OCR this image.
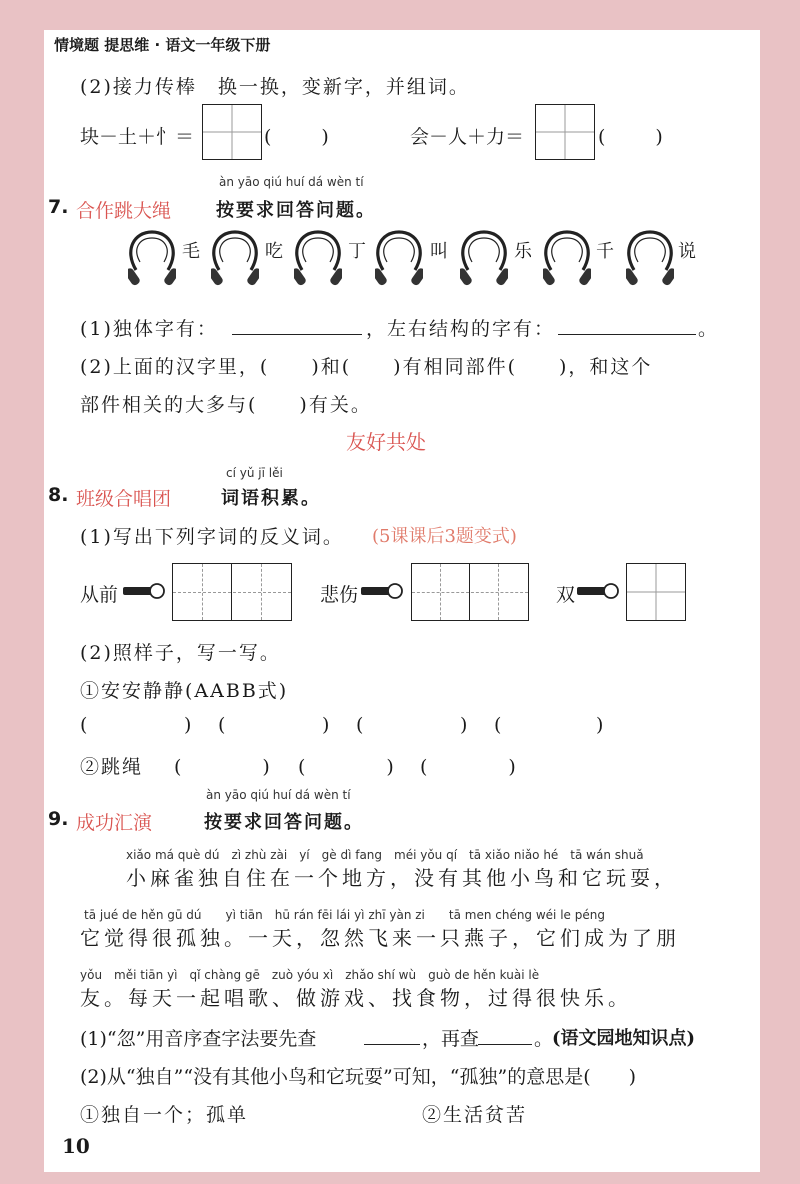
情境题 提思维 · 语文一年级下册
(2)接力传棒　换一换，变新字，并组词。
块－土＋忄＝	(　　)	会－人＋力＝	(　　)
àn yāo qiú huí dá wèn tí
7. 合作跳大绳 按要求回答问题。
毛	吃	丁	叫	乐	千	说
(1)独体字有：	，左右结构的字有：	。
(2)上面的汉字里，(　　)和(　　)有相同部件(　　)，和这个
部件相关的大多与(　　)有关。
友好共处
cí yǔ jī lěi
8. 班级合唱团	词语积累。
(1)写出下列字词的反义词。 (5课课后3题变式)
从前	悲伤	双
(2)照样子，写一写。
①安安静静(AABB式)
(	) (	) (	) (	)
②跳绳 (　　　) (　　　) (　　　)
àn yāo qiú huí dá wèn tí
9. 成功汇演	按要求回答问题。
xiǎo má què dú　zì zhù zài　yí　gè dì fang　méi yǒu qí　tā xiǎo niǎo hé　tā wán shuǎ
小麻雀独自住在一个地方，没有其他小鸟和它玩耍，
tā jué de hěn gū dú　　yì tiān　hū rán fēi lái yì zhī yàn zi　　tā men chéng wéi le péng
它觉得很孤独。一天，忽然飞来一只燕子，它们成为了朋
yǒu　měi tiān yì　qǐ chàng gē　zuò yóu xì　zhǎo shí wù　guò de hěn kuài lè
友。每天一起唱歌、做游戏、找食物，过得很快乐。
(1)“忽”用音序查字法要先查	，再查	。
(语文园地知识点)
(2)从“独自”“没有其他小鸟和它玩耍”可知，“孤独”的意思是(　　)
①独自一个；孤单	②生活贫苦
10
